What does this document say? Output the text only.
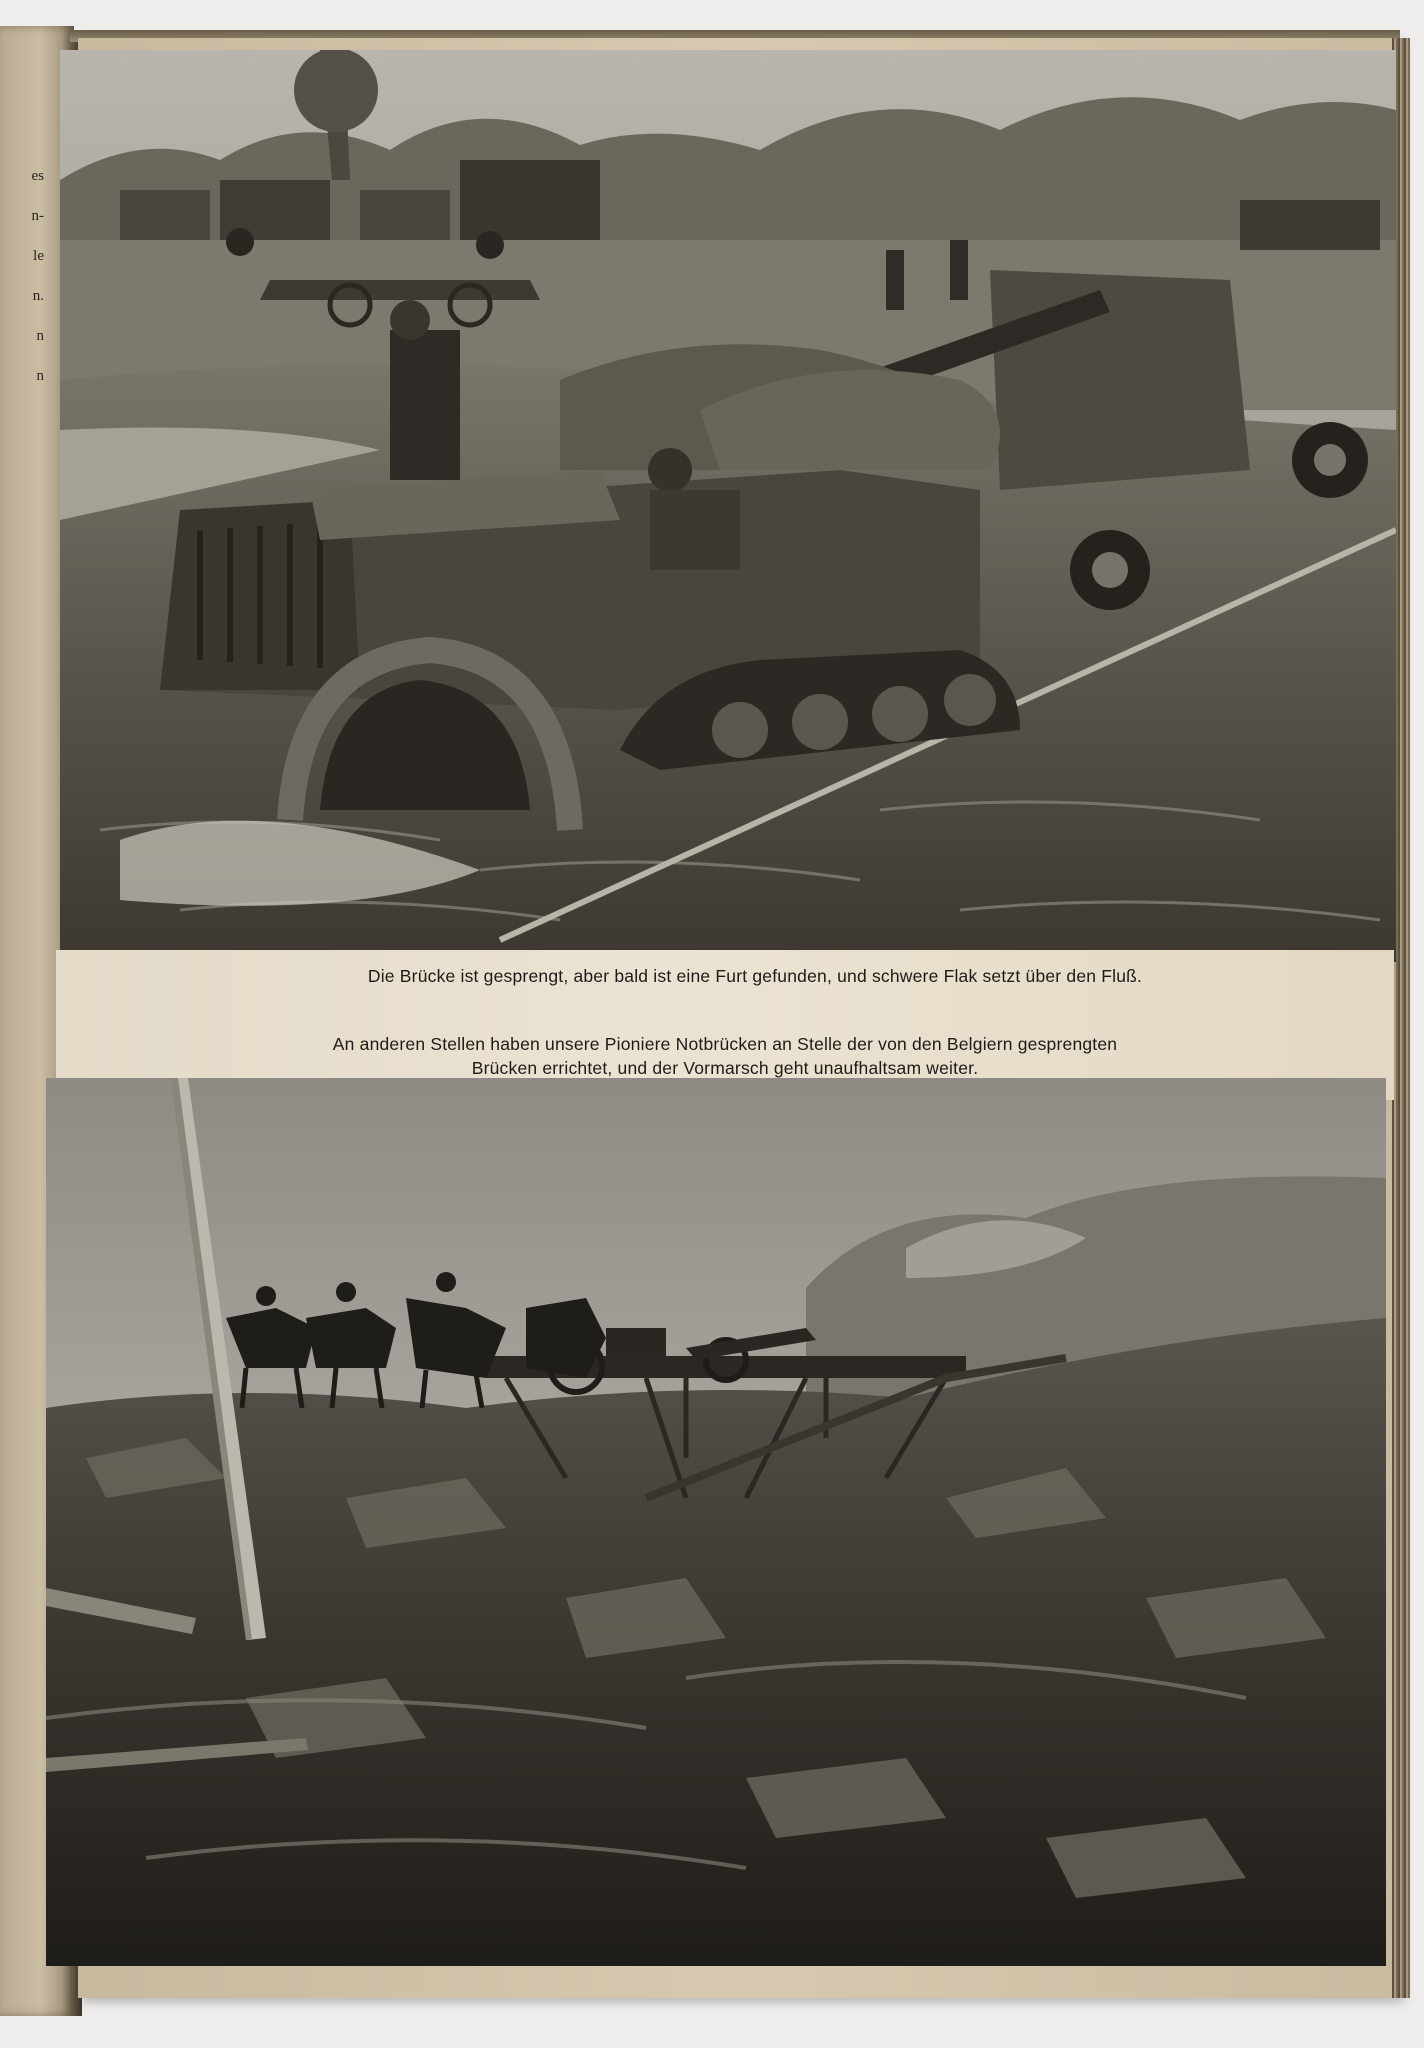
es
n-
le
n.
n
n

Die Brücke ist gesprengt, aber bald ist eine Furt gefunden, und schwere Flak setzt über den Fluß.

An anderen Stellen haben unsere Pioniere Notbrücken an Stelle der von den Belgiern gesprengten
Brücken errichtet, und der Vormarsch geht unaufhaltsam weiter.
